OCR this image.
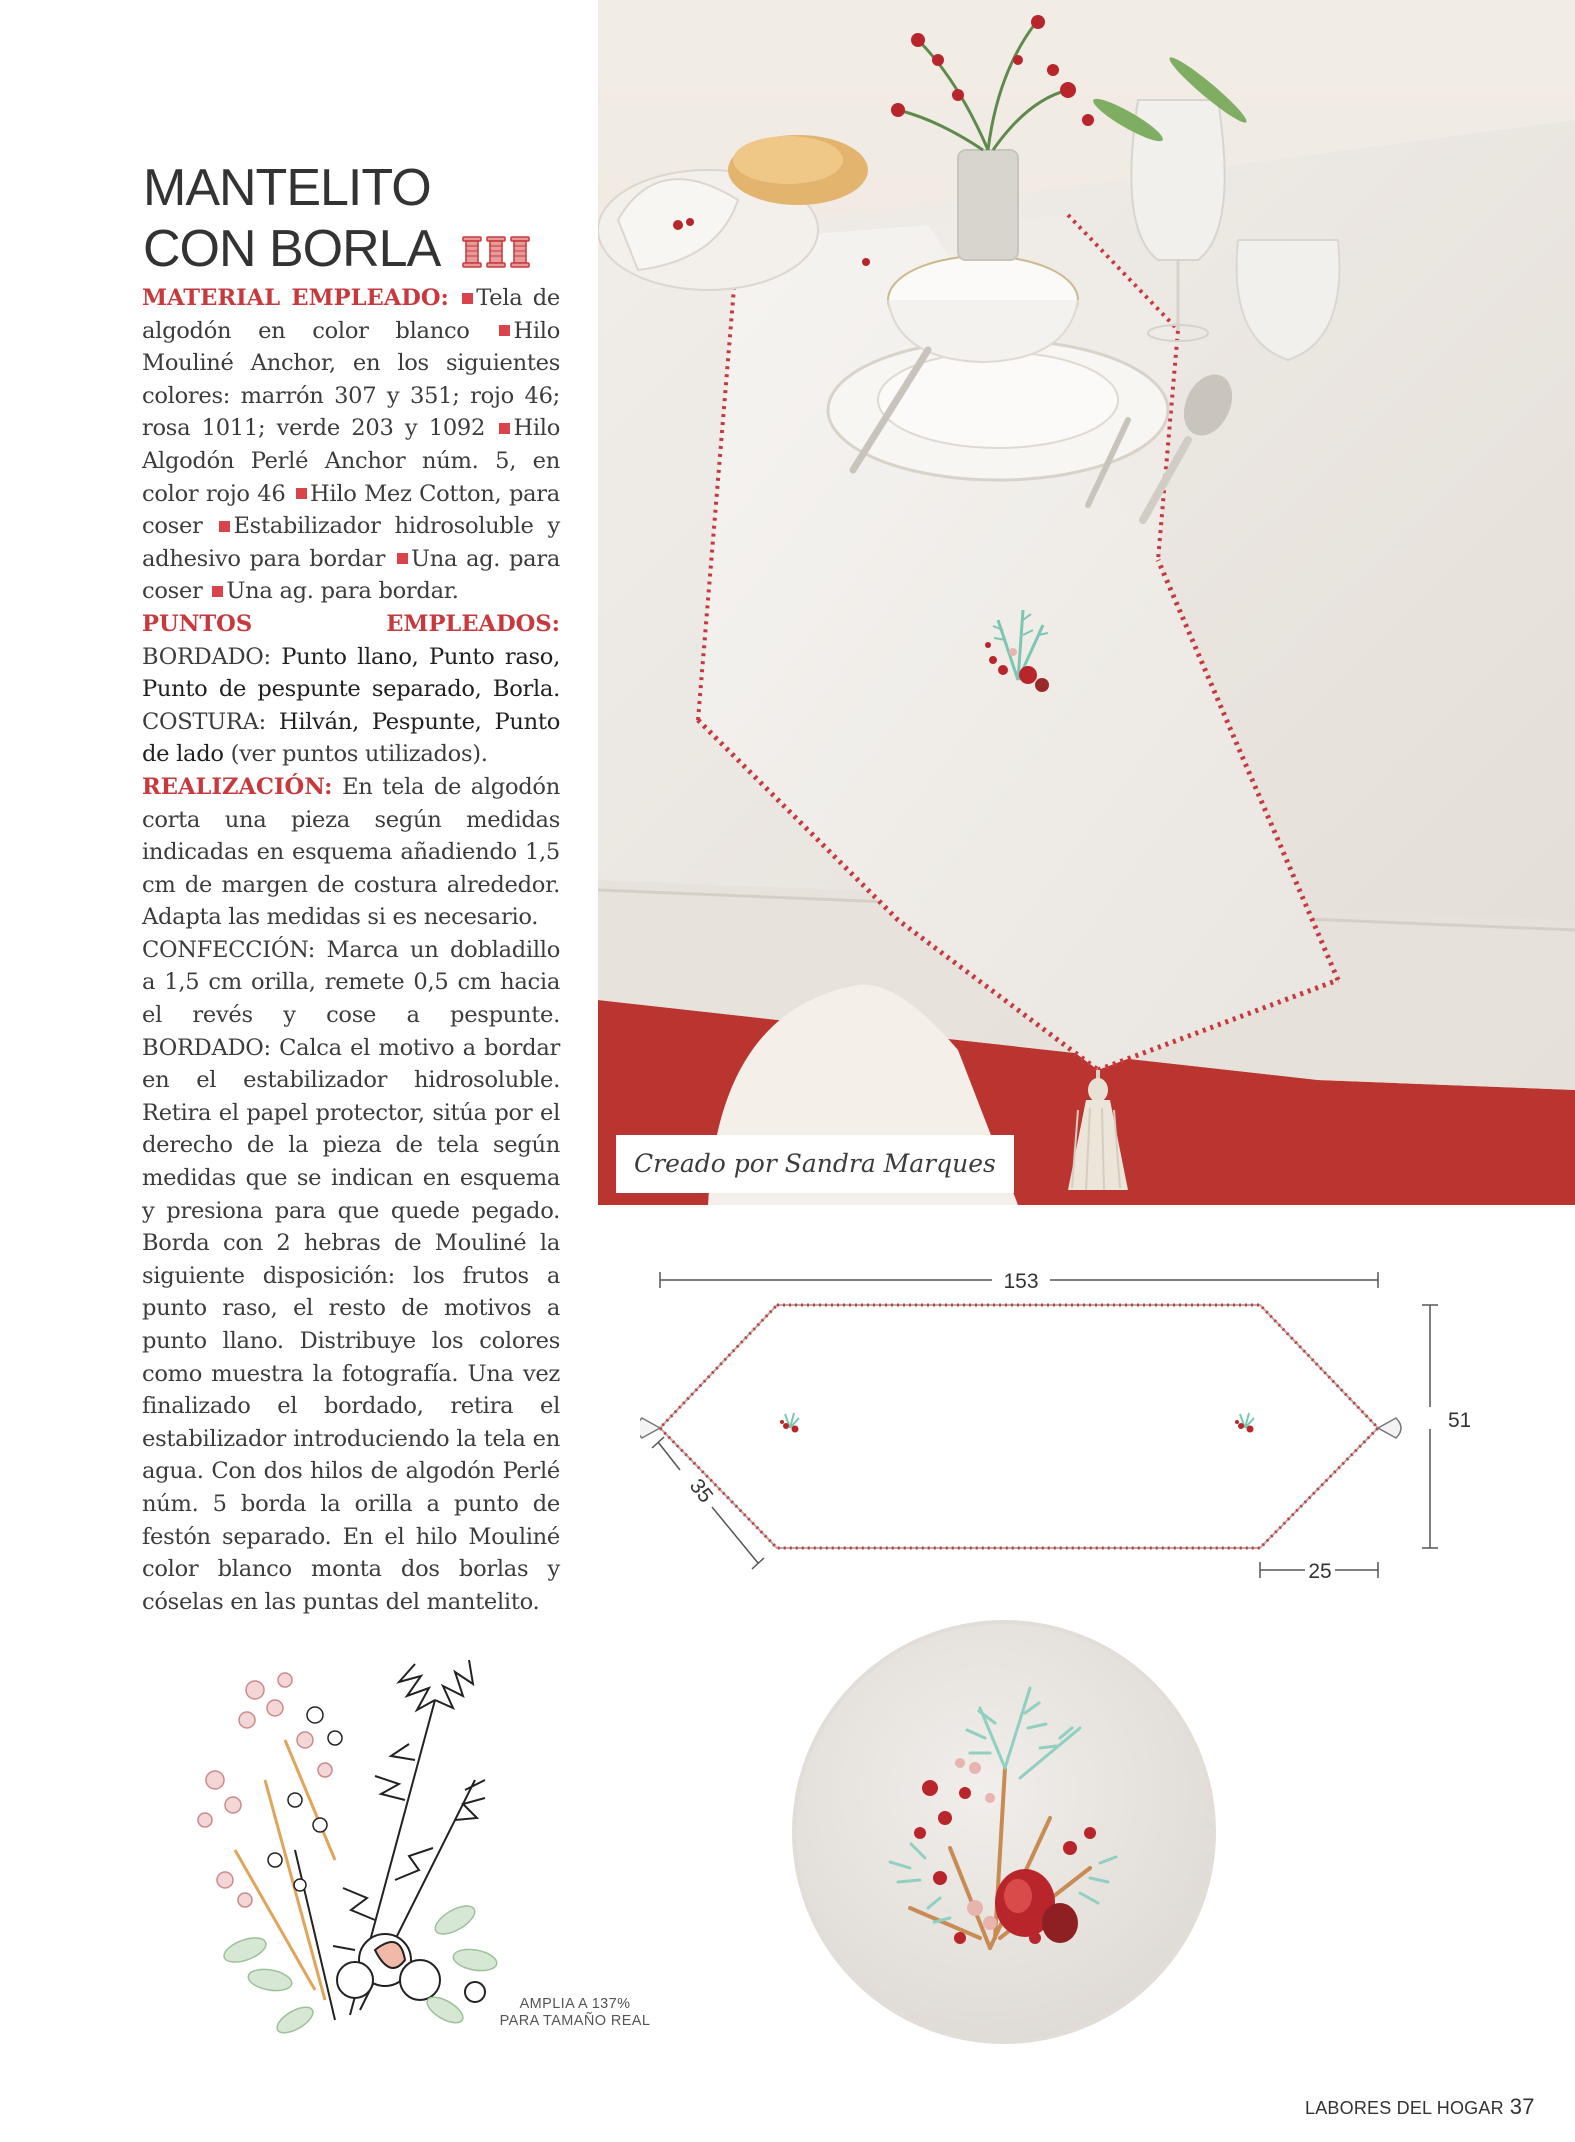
MANTELITO
CON BORLA

MATERIAL EMPLEADO: Tela de algodón en color blanco Hilo Mouliné Anchor, en los siguientes colores: marrón 307 y 351; rojo 46; rosa 1011; verde 203 y 1092 Hilo Algodón Perlé Anchor núm. 5, en color rojo 46 Hilo Mez Cotton, para coser Estabilizador hidrosoluble y adhesivo para bordar Una ag. para coser Una ag. para bordar.

PUNTOS EMPLEADOS: BORDADO: Punto llano, Punto raso, Punto de pespunte separado, Borla. COSTURA: Hilván, Pespunte, Punto de lado (ver puntos utilizados).

REALIZACIÓN: En tela de algodón corta una pieza según medidas indicadas en esquema añadiendo 1,5 cm de margen de costura alrededor. Adapta las medidas si es necesario.

CONFECCIÓN: Marca un dobladillo a 1,5 cm orilla, remete 0,5 cm hacia el revés y cose a pespunte. BORDADO: Calca el motivo a bordar en el estabilizador hidrosoluble. Retira el papel protector, sitúa por el derecho de la pieza de tela según medidas que se indican en esquema y presiona para que quede pegado. Borda con 2 hebras de Mouliné la siguiente disposición: los frutos a punto raso, el resto de motivos a punto llano. Distribuye los colores como muestra la fotografía. Una vez finalizado el bordado, retira el estabilizador introduciendo la tela en agua. Con dos hilos de algodón Perlé núm. 5 borda la orilla a punto de festón separado. En el hilo Mouliné color blanco monta dos borlas y cóselas en las puntas del mantelito.

Creado por Sandra Marques
153
51
25
35
AMPLIA A 137%
PARA TAMAÑO REAL
LABORES DEL HOGAR 37
